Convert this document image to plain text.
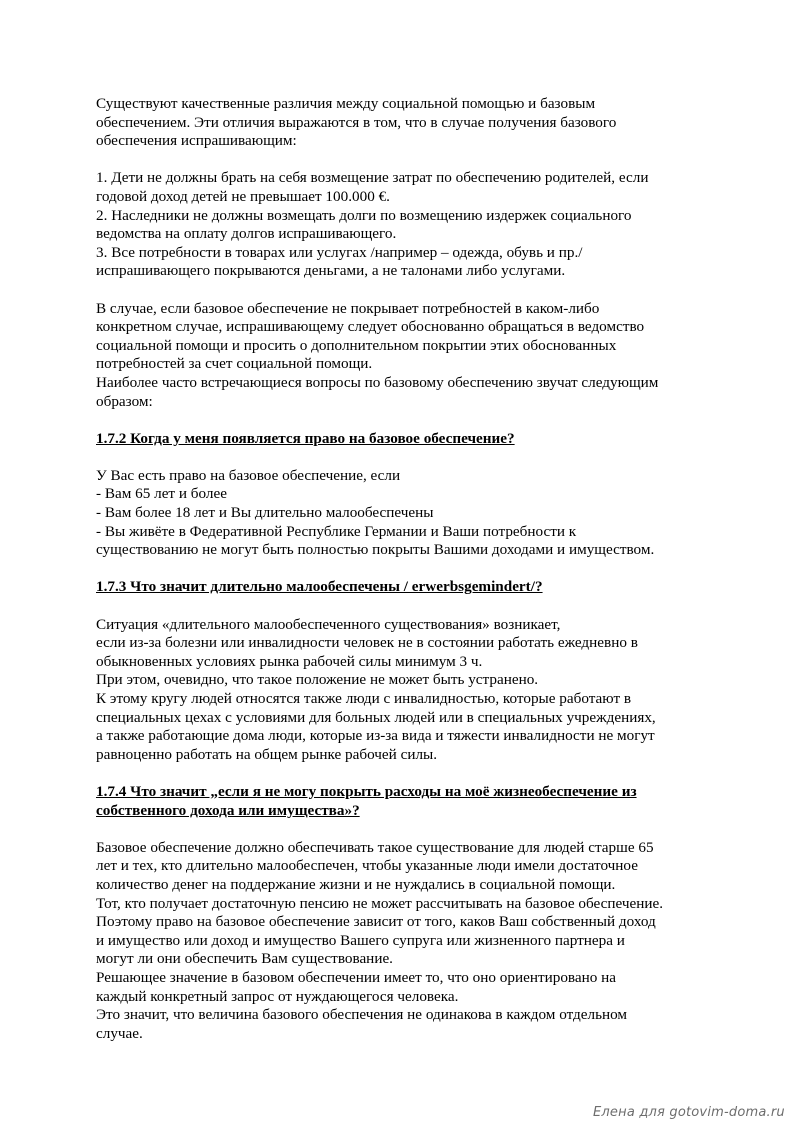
Существуют качественные различия между социальной помощью и базовым
обеспечением. Эти отличия выражаются в том, что в случае получения базового
обеспечения испрашивающим:
1. Дети не должны брать на себя возмещение затрат по обеспечению родителей, если
годовой доход детей не превышает 100.000 €.
2. Наследники не должны возмещать долги по возмещению издержек социального
ведомства на оплату долгов испрашивающего.
3. Все потребности в товарах или услугах /например – одежда, обувь и пр./
испрашивающего покрываются деньгами, а не талонами либо услугами.
В случае, если базовое обеспечение не покрывает потребностей в каком-либо
конкретном случае, испрашивающему следует обоснованно обращаться в ведомство
социальной помощи и просить о дополнительном покрытии этих обоснованных
потребностей за счет социальной помощи.
Наиболее часто встречающиеся вопросы по базовому обеспечению звучат следующим
образом:
1.7.2 Когда у меня появляется право на базовое обеспечение?
У Вас есть право на базовое обеспечение, если
- Вам 65 лет и более
- Вам более 18 лет и Вы длительно малообеспечены
- Вы живёте в Федеративной Республике Германии и Ваши потребности к
существованию не могут быть полностью покрыты Вашими доходами и имуществом.
1.7.3 Что значит длительно малообеспечены / erwerbsgemindert/?
Ситуация «длительного малообеспеченного существования» возникает,
если из-за болезни или инвалидности человек не в состоянии работать ежедневно в
обыкновенных условиях рынка рабочей силы минимум 3 ч.
При этом, очевидно, что такое положение не может быть устранено.
К этому кругу людей относятся также люди с инвалидностью, которые работают в
специальных цехах с условиями для больных людей или в специальных учреждениях,
а также работающие дома люди, которые из-за вида и тяжести инвалидности не могут
равноценно работать на общем рынке рабочей силы.
1.7.4 Что значит „если я не могу покрыть расходы на моё жизнеобеспечение из
собственного дохода или имущества»?
Базовое обеспечение должно обеспечивать такое существование для людей старше 65
лет и тех, кто длительно малообеспечен, чтобы указанные люди имели достаточное
количество денег на поддержание жизни и не нуждались в социальной помощи.
Тот, кто получает достаточную пенсию не может рассчитывать на базовое обеспечение.
Поэтому право на базовое обеспечение зависит от того, каков Ваш собственный доход
и имущество или доход и имущество Вашего супруга или жизненного партнера и
могут ли они обеспечить Вам существование.
Решающее значение в базовом обеспечении имеет то, что оно ориентировано на
каждый конкретный запрос от нуждающегося человека.
Это значит, что величина базового обеспечения не одинакова в каждом отдельном
случае.
Елена для gotovim-doma.ru
